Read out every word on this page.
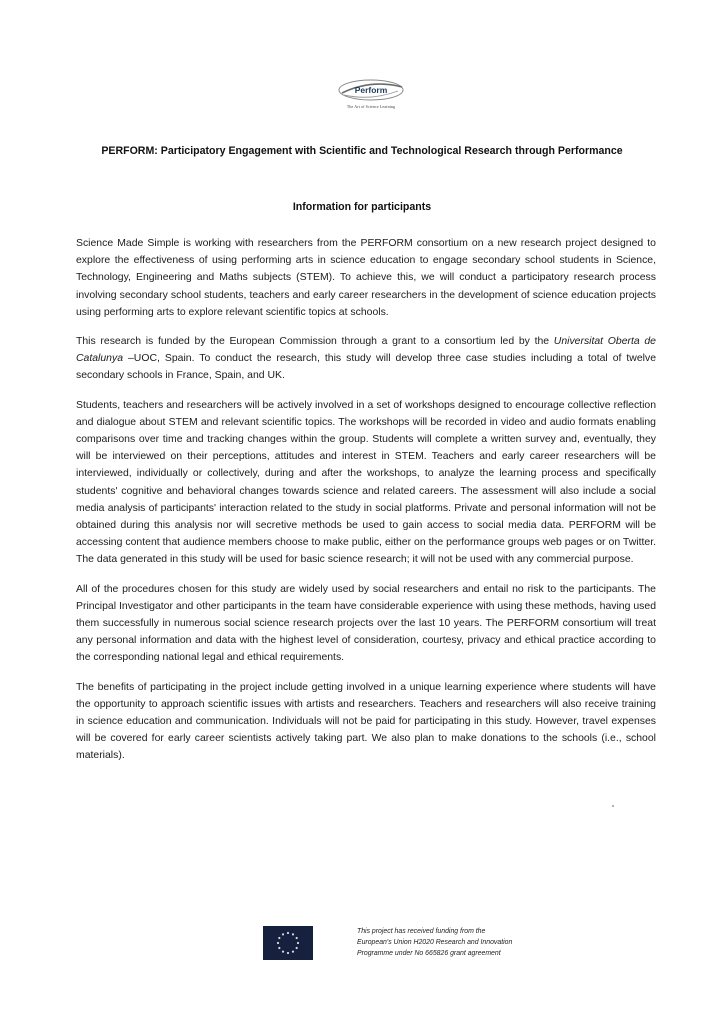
Perform
The Art of Science Learning
PERFORM: Participatory Engagement with Scientific and Technological Research through Performance
Information for participants

Science Made Simple is working with researchers from the PERFORM consortium on a new research project designed to explore the effectiveness of using performing arts in science education to engage secondary school students in Science, Technology, Engineering and Maths subjects (STEM). To achieve this, we will conduct a participatory research process involving secondary school students, teachers and early career researchers in the development of science education projects using performing arts to explore relevant scientific topics at schools.

This research is funded by the European Commission through a grant to a consortium led by the Universitat Oberta de Catalunya –UOC, Spain. To conduct the research, this study will develop three case studies including a total of twelve secondary schools in France, Spain, and UK.

Students, teachers and researchers will be actively involved in a set of workshops designed to encourage collective reflection and dialogue about STEM and relevant scientific topics. The workshops will be recorded in video and audio formats enabling comparisons over time and tracking changes within the group. Students will complete a written survey and, eventually, they will be interviewed on their perceptions, attitudes and interest in STEM. Teachers and early career researchers will be interviewed, individually or collectively, during and after the workshops, to analyze the learning process and specifically students' cognitive and behavioral changes towards science and related careers. The assessment will also include a social media analysis of participants' interaction related to the study in social platforms. Private and personal information will not be obtained during this analysis nor will secretive methods be used to gain access to social media data. PERFORM will be accessing content that audience members choose to make public, either on the performance groups web pages or on Twitter. The data generated in this study will be used for basic science research; it will not be used with any commercial purpose.

All of the procedures chosen for this study are widely used by social researchers and entail no risk to the participants. The Principal Investigator and other participants in the team have considerable experience with using these methods, having used them successfully in numerous social science research projects over the last 10 years. The PERFORM consortium will treat any personal information and data with the highest level of consideration, courtesy, privacy and ethical practice according to the corresponding national legal and ethical requirements.

The benefits of participating in the project include getting involved in a unique learning experience where students will have the opportunity to approach scientific issues with artists and researchers. Teachers and researchers will also receive training in science education and communication. Individuals will not be paid for participating in this study. However, travel expenses will be covered for early career scientists actively taking part. We also plan to make donations to the schools (i.e., school materials).

This project has received funding from the
European's Union H2020 Research and Innovation
Programme under No 665826 grant agreement
